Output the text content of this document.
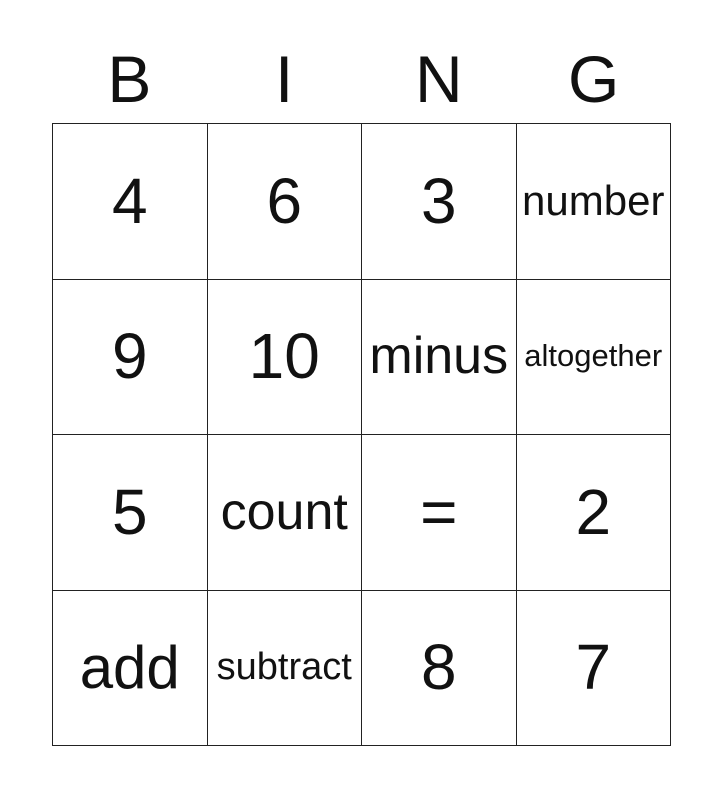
B	I	N	G
4	6	3	number
9	10	minus	altogether
5	count	=	2
add	subtract	8	7
